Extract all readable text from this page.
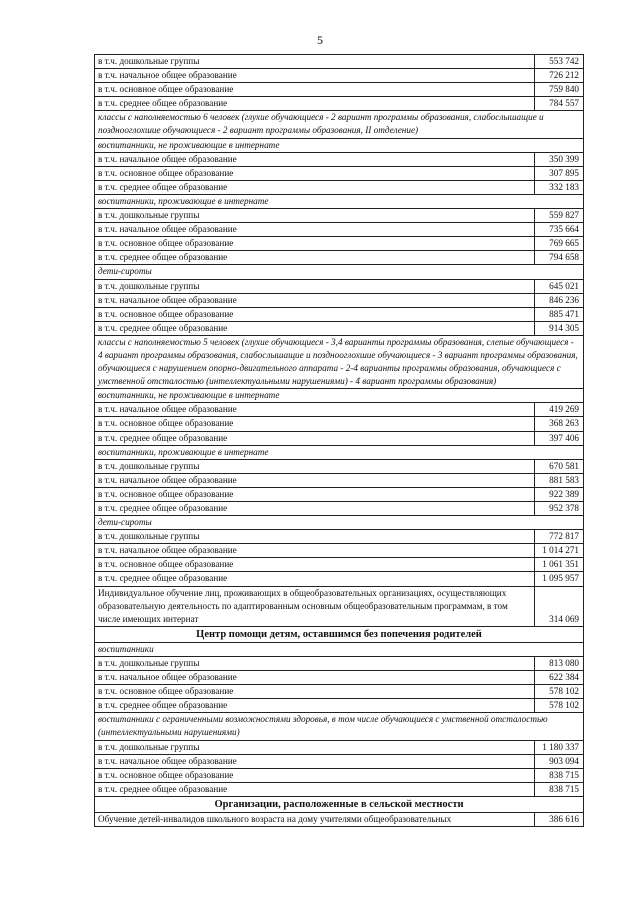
5
в т.ч. дошкольные группы	553 742
в т.ч. начальное общее образование	726 212
в т.ч. основное общее образование	759 840
в т.ч. среднее общее образование	784 557
классы с наполняемостью 6 человек (глухие обучающиеся - 2 вариант программы образования, слабослышащие и позднооглохшие обучающиеся - 2 вариант программы образования, II отделение)	
воспитанники, не проживающие в интернате	
в т.ч. начальное общее образование	350 399
в т.ч. основное общее образование	307 895
в т.ч. среднее общее образование	332 183
воспитанники, проживающие в интернате	
в т.ч. дошкольные группы	559 827
в т.ч. начальное общее образование	735 664
в т.ч. основное общее образование	769 665
в т.ч. среднее общее образование	794 658
дети-сироты	
в т.ч. дошкольные группы	645 021
в т.ч. начальное общее образование	846 236
в т.ч. основное общее образование	885 471
в т.ч. среднее общее образование	914 305
классы с наполняемостью 5 человек (глухие обучающиеся - 3,4 варианты программы образования, слепые обучающиеся - 4 вариант программы образования, слабослышащие и позднооглохшие обучающиеся - 3 вариант программы образования, обучающиеся с нарушением опорно-двигательного аппарата - 2-4 варианты программы образования, обучающиеся с умственной отсталостью (интеллектуальными нарушениями) - 4 вариант программы образования)	
воспитанники, не проживающие в интернате	
в т.ч. начальное общее образование	419 269
в т.ч. основное общее образование	368 263
в т.ч. среднее общее образование	397 406
воспитанники, проживающие в интернате	
в т.ч. дошкольные группы	670 581
в т.ч. начальное общее образование	881 583
в т.ч. основное общее образование	922 389
в т.ч. среднее общее образование	952 378
дети-сироты	
в т.ч. дошкольные группы	772 817
в т.ч. начальное общее образование	1 014 271
в т.ч. основное общее образование	1 061 351
в т.ч. среднее общее образование	1 095 957
Индивидуальное обучение лиц, проживающих в общеобразовательных организациях, осуществляющих образовательную деятельность по адаптированным основным общеобразовательным программам, в том числе имеющих интернат	314 069
Центр помощи детям, оставшимся без попечения родителей	
воспитанники	
в т.ч. дошкольные группы	813 080
в т.ч. начальное общее образование	622 384
в т.ч. основное общее образование	578 102
в т.ч. среднее общее образование	578 102
воспитанники с ограниченными возможностями здоровья, в том числе обучающиеся с умственной отсталостью (интеллектуальными нарушениями)	
в т.ч. дошкольные группы	1 180 337
в т.ч. начальное общее образование	903 094
в т.ч. основное общее образование	838 715
в т.ч. среднее общее образование	838 715
Организации, расположенные в сельской местности	
Обучение детей-инвалидов школьного возраста на дому учителями общеобразовательных	386 616
